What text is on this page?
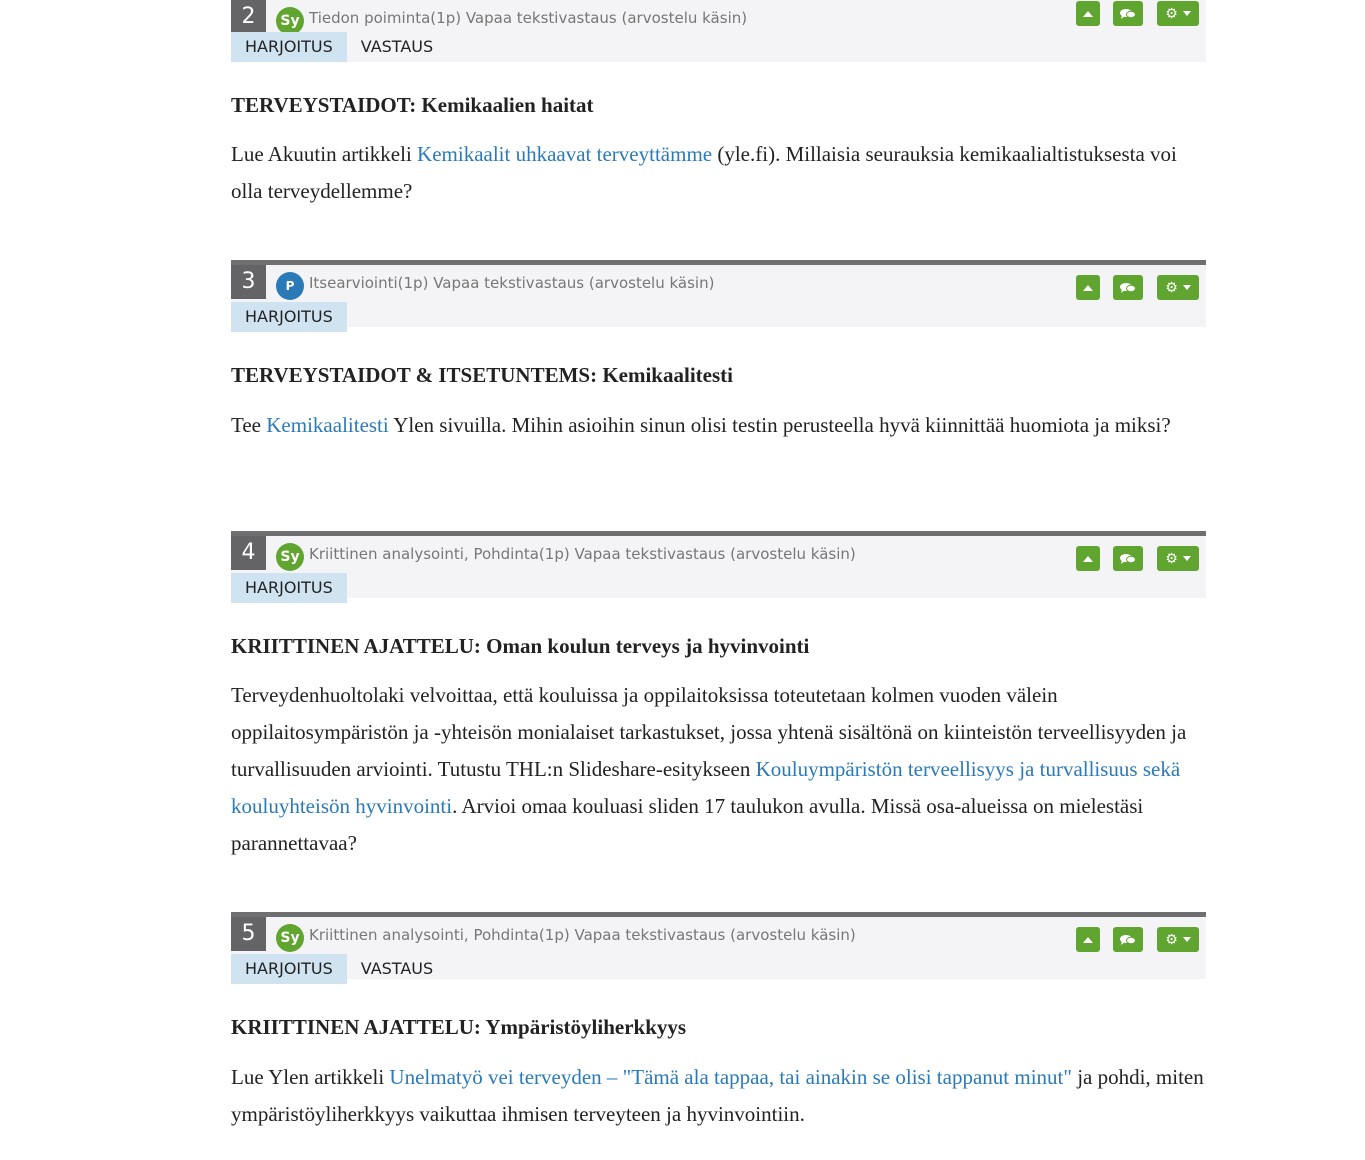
2	Sy Tiedon poiminta(1p) Vapaa tekstivastaus (arvostelu käsin)
HARJOITUS	VASTAUS
⚙
TERVEYSTAIDOT: Kemikaalien haitat

Lue Akuutin artikkeli Kemikaalit uhkaavat terveyttämme (yle.fi). Millaisia seurauksia kemikaalialtistuksesta voi olla terveydellemme?

3	P Itsearviointi(1p) Vapaa tekstivastaus (arvostelu käsin)
HARJOITUS
⚙
TERVEYSTAIDOT & ITSETUNTEMS: Kemikaalitesti

Tee Kemikaalitesti Ylen sivuilla. Mihin asioihin sinun olisi testin perusteella hyvä kiinnittää huomiota ja miksi?

4	Sy Kriittinen analysointi, Pohdinta(1p) Vapaa tekstivastaus (arvostelu käsin)
HARJOITUS
⚙
KRIITTINEN AJATTELU: Oman koulun terveys ja hyvinvointi

Terveydenhuoltolaki velvoittaa, että kouluissa ja oppilaitoksissa toteutetaan kolmen vuoden välein oppilaitosympäristön ja -yhteisön monialaiset tarkastukset, jossa yhtenä sisältönä on kiinteistön terveellisyyden ja turvallisuuden arviointi. Tutustu THL:n Slideshare-esitykseen Kouluympäristön terveellisyys ja turvallisuus sekä kouluyhteisön hyvinvointi. Arvioi omaa kouluasi sliden 17 taulukon avulla. Missä osa-alueissa on mielestäsi parannettavaa?

5	Sy Kriittinen analysointi, Pohdinta(1p) Vapaa tekstivastaus (arvostelu käsin)
HARJOITUS	VASTAUS
⚙
KRIITTINEN AJATTELU: Ympäristöyliherkkyys

Lue Ylen artikkeli Unelmatyö vei terveyden – "Tämä ala tappaa, tai ainakin se olisi tappanut minut" ja pohdi, miten ympäristöyliherkkyys vaikuttaa ihmisen terveyteen ja hyvinvointiin.
